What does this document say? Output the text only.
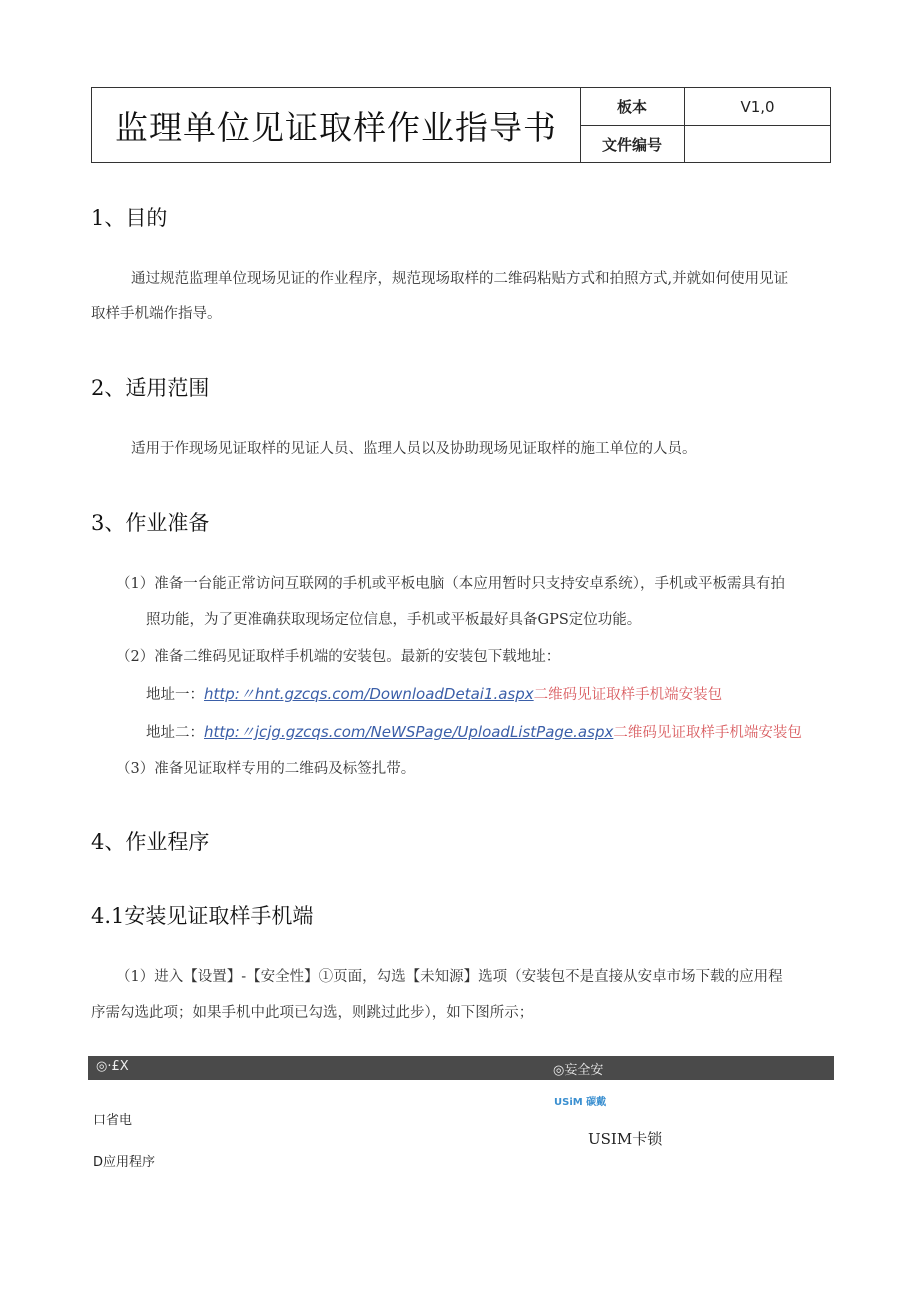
监理单位见证取样作业指导书
板本	V1,0
文件编号
1、目的
通过规范监理单位现场见证的作业程序，规范现场取样的二维码粘贴方式和拍照方式,并就如何使用见证
取样手机端作指导。
2、适用范围
适用于作现场见证取样的见证人员、监理人员以及协助现场见证取样的施工单位的人员。
3、作业准备
（1）准备一台能正常访问互联网的手机或平板电脑（本应用暂时只支持安卓系统），手机或平板需具有拍
照功能，为了更准确获取现场定位信息，手机或平板最好具备GPS定位功能。
（2）准备二维码见证取样手机端的安装包。最新的安装包下载地址：
地址一：http:〃hnt.gzcqs.com/DownloadDetai1.aspx二维码见证取样手机端安装包
地址二：http:〃jcjg.gzcqs.com/NeWSPage/UploadListPage.aspx二维码见证取样手机端安装包
（3）准备见证取样专用的二维码及标签扎带。
4、作业程序
4.1安装见证取样手机端
（1）进入【设置】-【安全性】①页面，勾选【未知源】选项（安装包不是直接从安卓市场下载的应用程
序需勾选此项；如果手机中此项已勾选，则跳过此步），如下图所示；
◎·£X	◎妄全安
USiM 碳戴
口省电
USIM卡锁
D应用程序
